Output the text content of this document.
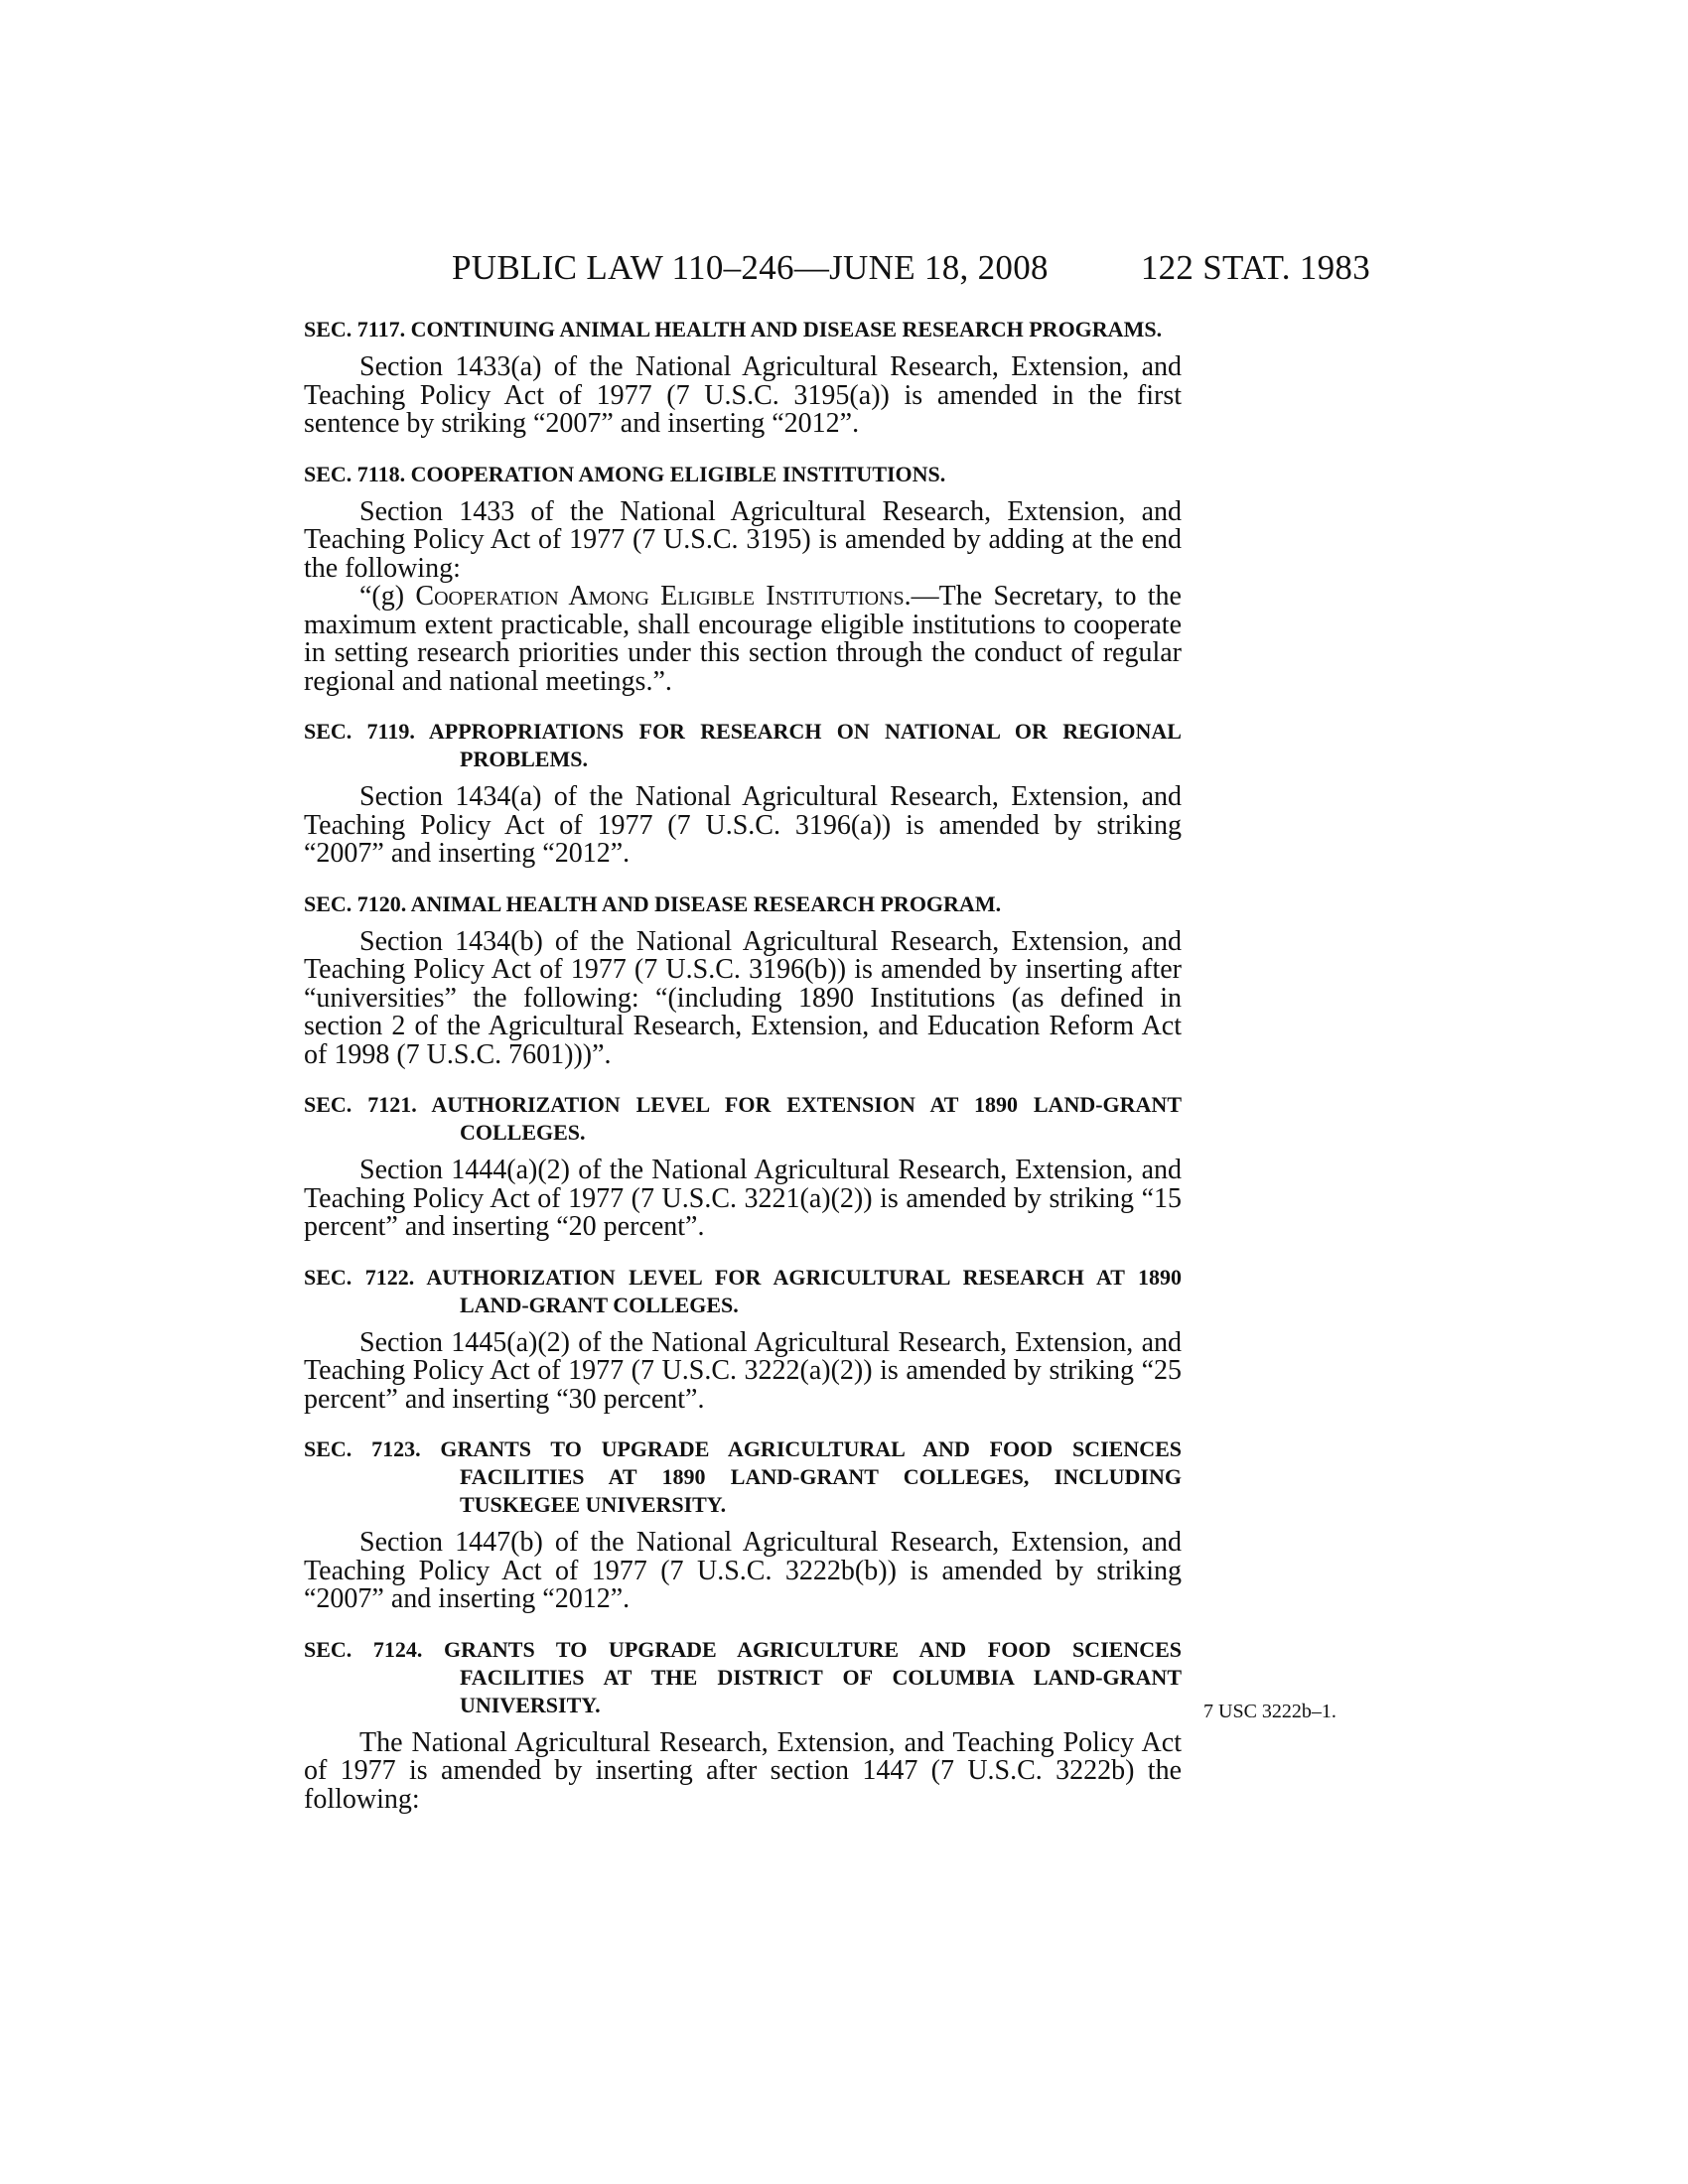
PUBLIC LAW 110–246—JUNE 18, 2008	122 STAT. 1983

SEC. 7117. CONTINUING ANIMAL HEALTH AND DISEASE RESEARCH PROGRAMS.

Section 1433(a) of the National Agricultural Research, Extension, and Teaching Policy Act of 1977 (7 U.S.C. 3195(a)) is amended in the first sentence by striking “2007” and inserting “2012”.

SEC. 7118. COOPERATION AMONG ELIGIBLE INSTITUTIONS.

Section 1433 of the National Agricultural Research, Extension, and Teaching Policy Act of 1977 (7 U.S.C. 3195) is amended by adding at the end the following:

“(g) Cooperation Among Eligible Institutions.—The Secretary, to the maximum extent practicable, shall encourage eligible institutions to cooperate in setting research priorities under this section through the conduct of regular regional and national meetings.”.

SEC. 7119. APPROPRIATIONS FOR RESEARCH ON NATIONAL OR REGIONAL PROBLEMS.

Section 1434(a) of the National Agricultural Research, Extension, and Teaching Policy Act of 1977 (7 U.S.C. 3196(a)) is amended by striking “2007” and inserting “2012”.

SEC. 7120. ANIMAL HEALTH AND DISEASE RESEARCH PROGRAM.

Section 1434(b) of the National Agricultural Research, Extension, and Teaching Policy Act of 1977 (7 U.S.C. 3196(b)) is amended by inserting after “universities” the following: “(including 1890 Institutions (as defined in section 2 of the Agricultural Research, Extension, and Education Reform Act of 1998 (7 U.S.C. 7601)))”.

SEC. 7121. AUTHORIZATION LEVEL FOR EXTENSION AT 1890 LAND-GRANT COLLEGES.

Section 1444(a)(2) of the National Agricultural Research, Extension, and Teaching Policy Act of 1977 (7 U.S.C. 3221(a)(2)) is amended by striking “15 percent” and inserting “20 percent”.

SEC. 7122. AUTHORIZATION LEVEL FOR AGRICULTURAL RESEARCH AT 1890 LAND-GRANT COLLEGES.

Section 1445(a)(2) of the National Agricultural Research, Extension, and Teaching Policy Act of 1977 (7 U.S.C. 3222(a)(2)) is amended by striking “25 percent” and inserting “30 percent”.

SEC. 7123. GRANTS TO UPGRADE AGRICULTURAL AND FOOD SCIENCES FACILITIES AT 1890 LAND-GRANT COLLEGES, INCLUDING TUSKEGEE UNIVERSITY.

Section 1447(b) of the National Agricultural Research, Extension, and Teaching Policy Act of 1977 (7 U.S.C. 3222b(b)) is amended by striking “2007” and inserting “2012”.

SEC. 7124. GRANTS TO UPGRADE AGRICULTURE AND FOOD SCIENCES FACILITIES AT THE DISTRICT OF COLUMBIA LAND-GRANT UNIVERSITY.

The National Agricultural Research, Extension, and Teaching Policy Act of 1977 is amended by inserting after section 1447 (7 U.S.C. 3222b) the following:

7 USC 3222b–1.
